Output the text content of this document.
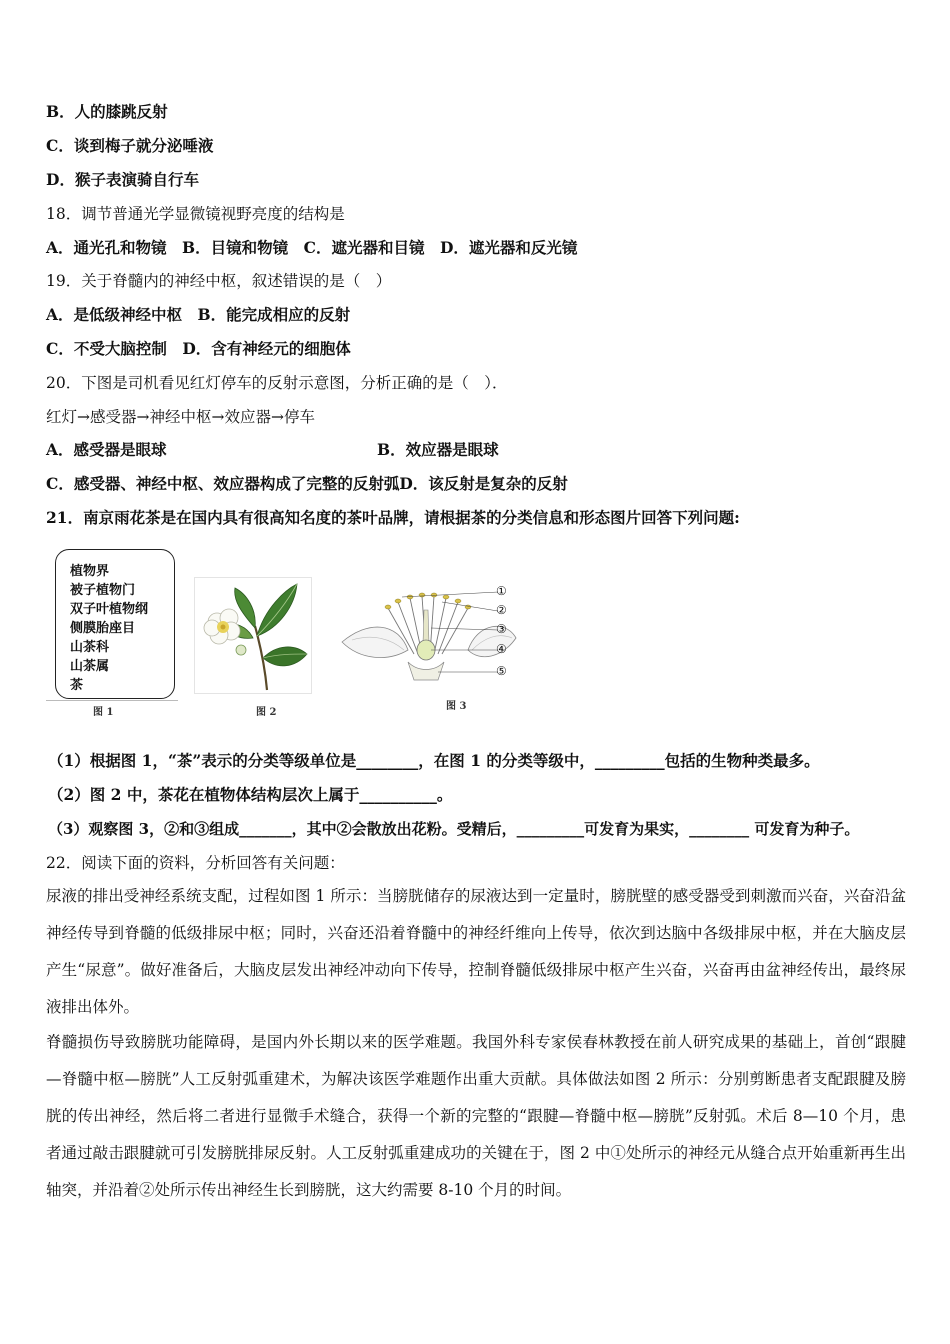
B．人的膝跳反射
C．谈到梅子就分泌唾液
D．猴子表演骑自行车
18．调节普通光学显微镜视野亮度的结构是
A．通光孔和物镜　B．目镜和物镜　C．遮光器和目镜　D．遮光器和反光镜
19．关于脊髓内的神经中枢，叙述错误的是（　）
A．是低级神经中枢　B．能完成相应的反射
C．不受大脑控制　D．含有神经元的细胞体
20．下图是司机看见红灯停车的反射示意图，分析正确的是（　）．
红灯→感受器→神经中枢→效应器→停车
A．感受器是眼球	B．效应器是眼球
C．感受器、神经中枢、效应器构成了完整的反射弧D．该反射是复杂的反射
21．南京雨花茶是在国内具有很高知名度的茶叶品牌，请根据茶的分类信息和形态图片回答下列问题:
植物界
被子植物门
双子叶植物纲
侧膜胎座目
山茶科
山茶属
茶
图 1	图 2
①
②
③
④
⑤
图 3
（1）根据图 1，“茶”表示的分类等级单位是________，在图 1 的分类等级中，_________包括的生物种类最多。
（2）图 2 中，茶花在植物体结构层次上属于__________。
（3）观察图 3，②和③组成_______，其中②会散放出花粉。受精后，_________可发育为果实，________ 可发育为种子。
22．阅读下面的资料，分析回答有关问题：
尿液的排出受神经系统支配，过程如图 1 所示：当膀胱储存的尿液达到一定量时，膀胱壁的感受器受到刺激而兴奋，兴奋沿盆神经传导到脊髓的低级排尿中枢；同时，兴奋还沿着脊髓中的神经纤维向上传导，依次到达脑中各级排尿中枢，并在大脑皮层产生“尿意”。做好准备后，大脑皮层发出神经冲动向下传导，控制脊髓低级排尿中枢产生兴奋，兴奋再由盆神经传出，最终尿液排出体外。
脊髓损伤导致膀胱功能障碍，是国内外长期以来的医学难题。我国外科专家侯春林教授在前人研究成果的基础上，首创“跟腱—脊髓中枢—膀胱”人工反射弧重建术，为解决该医学难题作出重大贡献。具体做法如图 2 所示：分别剪断患者支配跟腱及膀胱的传出神经，然后将二者进行显微手术缝合，获得一个新的完整的“跟腱—脊髓中枢—膀胱”反射弧。术后 8—10 个月，患者通过敲击跟腱就可引发膀胱排尿反射。人工反射弧重建成功的关键在于，图 2 中①处所示的神经元从缝合点开始重新再生出轴突，并沿着②处所示传出神经生长到膀胱，这大约需要 8-10 个月的时间。
